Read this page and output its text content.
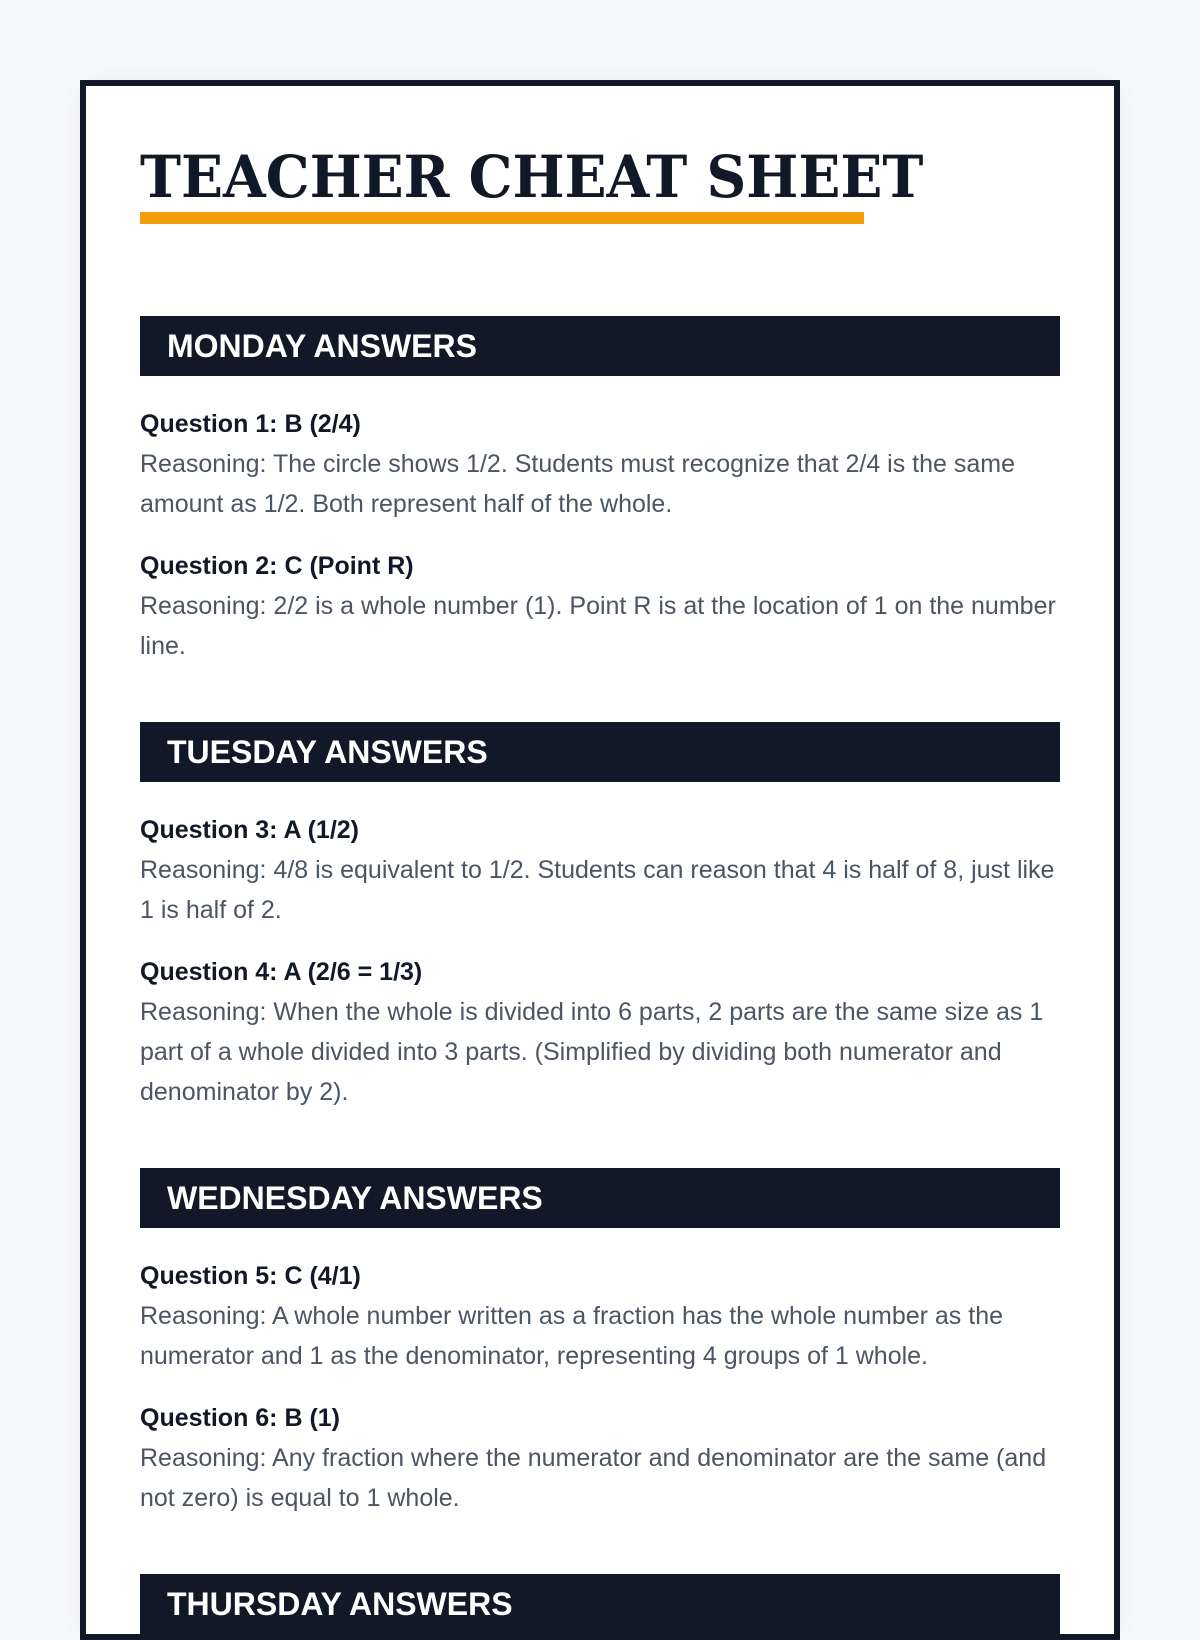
TEACHER CHEAT SHEET
MONDAY ANSWERS
Question 1: B (2/4)
Reasoning: The circle shows 1/2. Students must recognize that 2/4 is the same amount as 1/2. Both represent half of the whole.
Question 2: C (Point R)
Reasoning: 2/2 is a whole number (1). Point R is at the location of 1 on the number line.
TUESDAY ANSWERS
Question 3: A (1/2)
Reasoning: 4/8 is equivalent to 1/2. Students can reason that 4 is half of 8, just like 1 is half of 2.
Question 4: A (2/6 = 1/3)
Reasoning: When the whole is divided into 6 parts, 2 parts are the same size as 1 part of a whole divided into 3 parts. (Simplified by dividing both numerator and denominator by 2).
WEDNESDAY ANSWERS
Question 5: C (4/1)
Reasoning: A whole number written as a fraction has the whole number as the numerator and 1 as the denominator, representing 4 groups of 1 whole.
Question 6: B (1)
Reasoning: Any fraction where the numerator and denominator are the same (and not zero) is equal to 1 whole.
THURSDAY ANSWERS
